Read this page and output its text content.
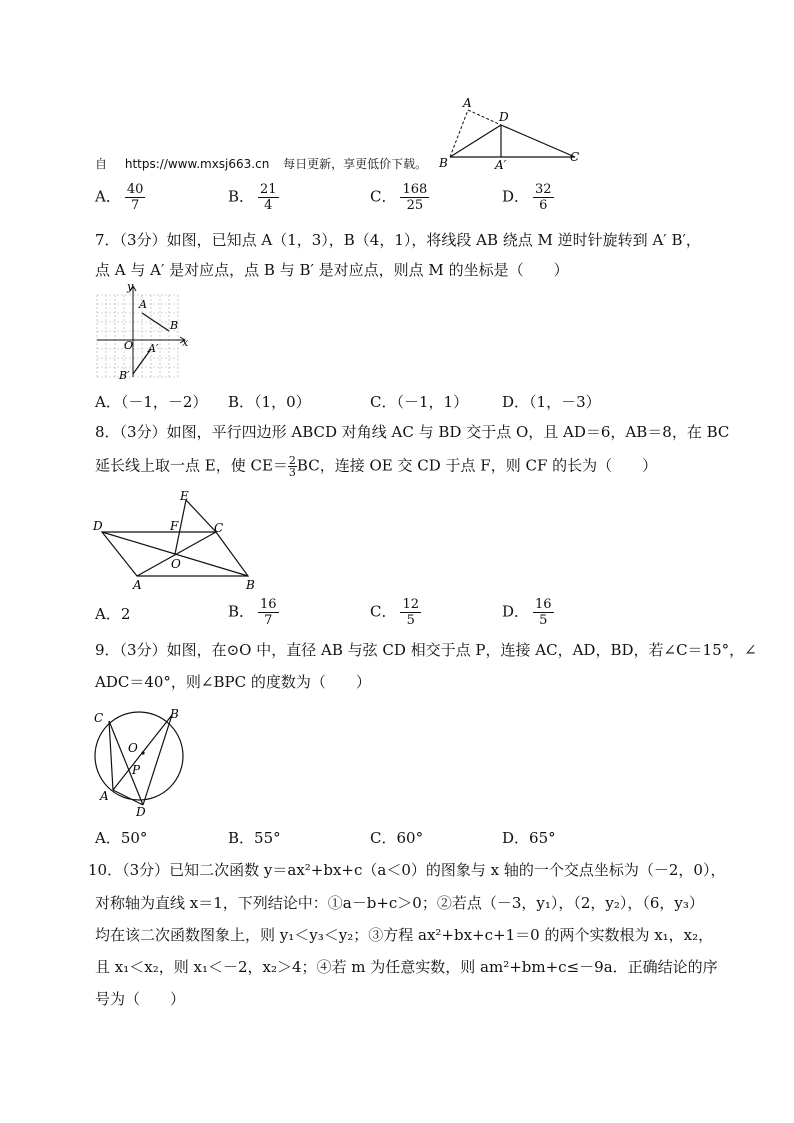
A
D
B	A′
C
自 https://www.mxsj663.cn 每日更新，享更低价下载。
A． $\frac{40}{7}$	B． $\frac{21}{4}$	C． $\frac{168}{25}$	D． $\frac{32}{6}$
7．（3分）如图，已知点 A（1，3），B（4，1），将线段 AB 绕点 M 逆时针旋转到 A′ B′，
点 A 与 A′ 是对应点，点 B 与 B′ 是对应点，则点 M 的坐标是（　　）
y
A
B
O A′ x
B′
A．（－1，－2） B．（1，0）	C．（－1，1） D．（1，－3）
8．（3分）如图，平行四边形 ABCD 对角线 AC 与 BD 交于点 O，且 AD＝6，AB＝8，在 BC
延长线上取一点 E，使 $CE= \frac{2}{3}$ BC，连接 OE 交 CD 于点 F，则 CF 的长为（　　）
E
D	F	C
O
A	B
A．2	B． $\frac{16}{7}$	C． $\frac{12}{5}$	D． $\frac{16}{5}$
9．（3分）如图，在⊙O 中，直径 AB 与弦 CD 相交于点 P，连接 AC，AD，BD，若∠C＝15°，∠
ADC＝40°，则∠BPC 的度数为（　　）
C	B
O
P
A
D
A．50°	B．55°	C．60°	D．65°
10．（3分）已知二次函数 y＝ax²+bx+c（a＜0）的图象与 x 轴的一个交点坐标为（－2，0），
对称轴为直线 x＝1，下列结论中：①a－b+c＞0；②若点（－3，y₁），（2，y₂），（6，y₃）
均在该二次函数图象上，则 y₁＜y₃＜y₂；③方程 ax²+bx+c+1＝0 的两个实数根为 x₁，x₂，
且 x₁＜x₂，则 x₁＜－2，x₂＞4；④若 m 为任意实数，则 am²+bm+c≤－9a．正确结论的序
号为（　　）
